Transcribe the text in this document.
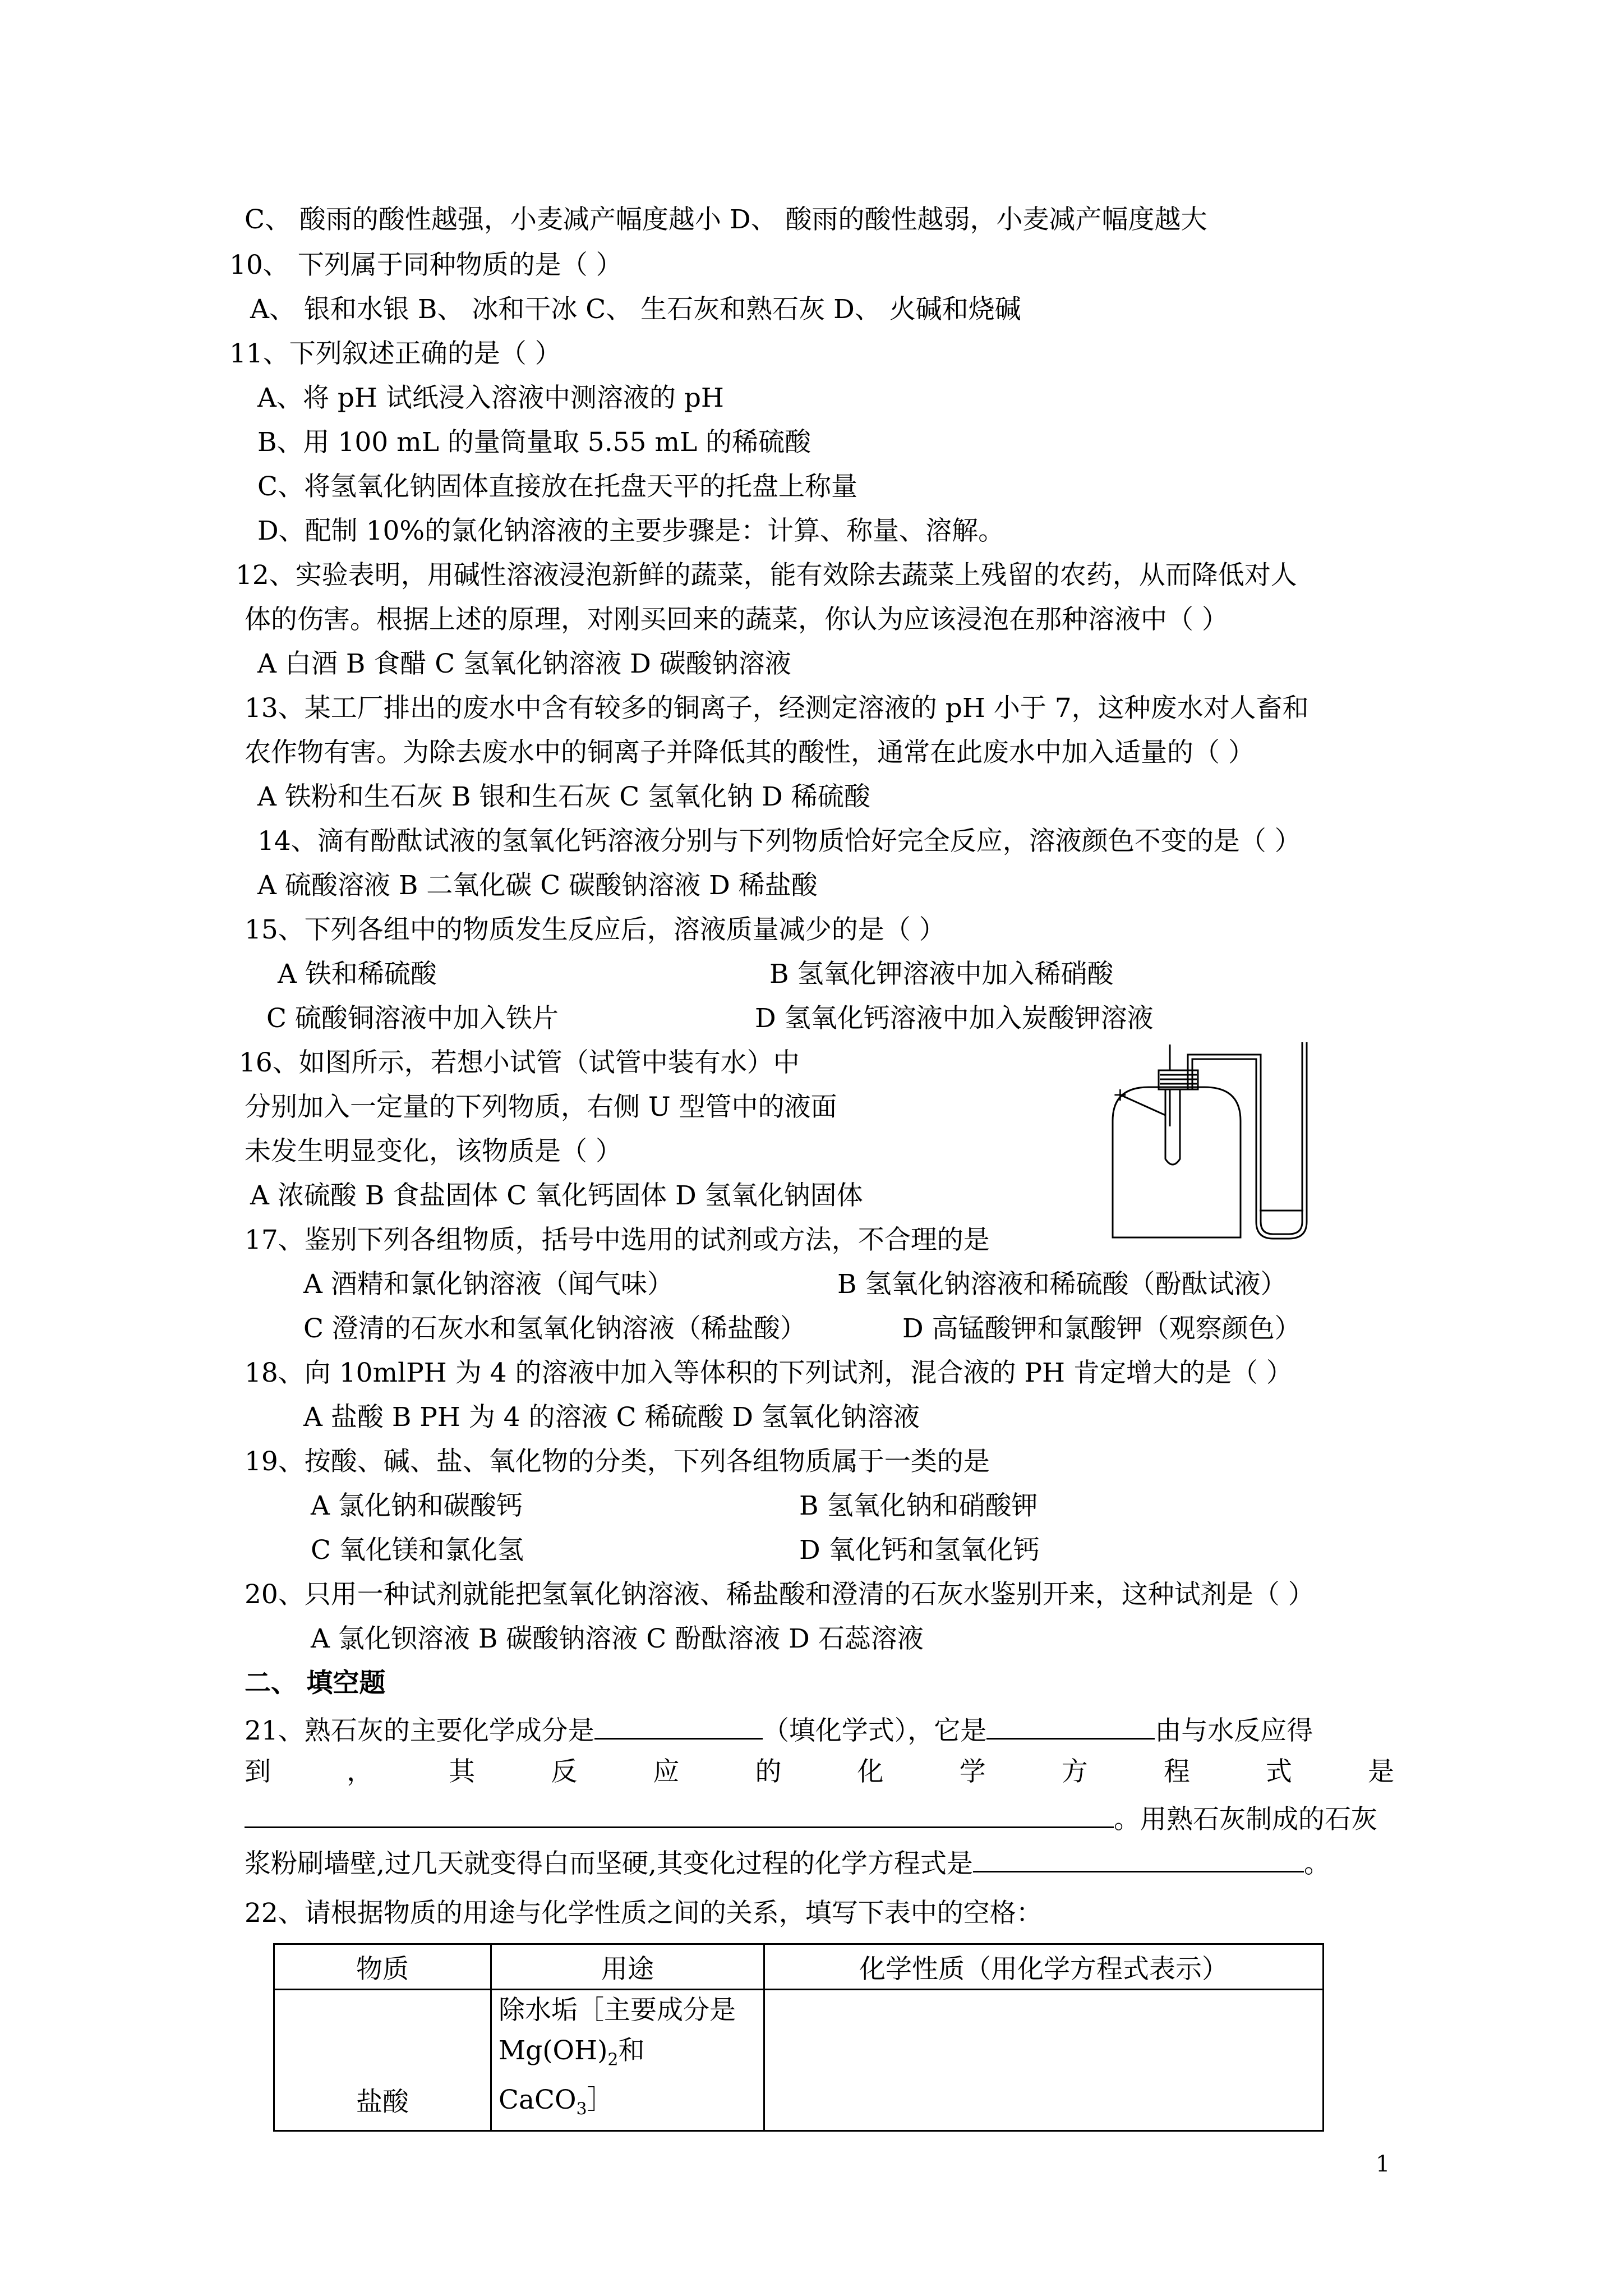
C、 酸雨的酸性越强，小麦减产幅度越小 D、 酸雨的酸性越弱，小麦减产幅度越大
10、 下列属于同种物质的是（ ）
A、 银和水银 B、 冰和干冰 C、 生石灰和熟石灰 D、 火碱和烧碱
11、下列叙述正确的是（ ）
A、将 pH 试纸浸入溶液中测溶液的 pH
B、用 100 mL 的量筒量取 5.55 mL 的稀硫酸
C、将氢氧化钠固体直接放在托盘天平的托盘上称量
D、配制 10%的氯化钠溶液的主要步骤是：计算、称量、溶解。
12、实验表明，用碱性溶液浸泡新鲜的蔬菜，能有效除去蔬菜上残留的农药，从而降低对人
体的伤害。根据上述的原理，对刚买回来的蔬菜，你认为应该浸泡在那种溶液中（ ）
A 白酒 B 食醋 C 氢氧化钠溶液 D 碳酸钠溶液
13、某工厂排出的废水中含有较多的铜离子，经测定溶液的 pH 小于 7，这种废水对人畜和
农作物有害。为除去废水中的铜离子并降低其的酸性，通常在此废水中加入适量的（ ）
A 铁粉和生石灰 B 银和生石灰 C 氢氧化钠 D 稀硫酸
14、滴有酚酞试液的氢氧化钙溶液分别与下列物质恰好完全反应，溶液颜色不变的是（ ）
A 硫酸溶液 B 二氧化碳 C 碳酸钠溶液 D 稀盐酸
15、下列各组中的物质发生反应后，溶液质量减少的是（ ）
A 铁和稀硫酸	B 氢氧化钾溶液中加入稀硝酸
C 硫酸铜溶液中加入铁片	D 氢氧化钙溶液中加入炭酸钾溶液
16、如图所示，若想小试管（试管中装有水）中
分别加入一定量的下列物质，右侧 U 型管中的液面
未发生明显变化，该物质是（ ）
A 浓硫酸 B 食盐固体 C 氧化钙固体 D 氢氧化钠固体
+
17、鉴别下列各组物质，括号中选用的试剂或方法，不合理的是
A 酒精和氯化钠溶液（闻气味）	B 氢氧化钠溶液和稀硫酸（酚酞试液）
C 澄清的石灰水和氢氧化钠溶液（稀盐酸）	D 高锰酸钾和氯酸钾（观察颜色）
18、向 10mlPH 为 4 的溶液中加入等体积的下列试剂，混合液的 PH 肯定增大的是（ ）
A 盐酸 B PH 为 4 的溶液 C 稀硫酸 D 氢氧化钠溶液
19、按酸、碱、盐、氧化物的分类，下列各组物质属于一类的是
A 氯化钠和碳酸钙	B 氢氧化钠和硝酸钾
C 氧化镁和氯化氢	D 氧化钙和氢氧化钙
20、只用一种试剂就能把氢氧化钠溶液、稀盐酸和澄清的石灰水鉴别开来，这种试剂是（ ）
A 氯化钡溶液 B 碳酸钠溶液 C 酚酞溶液 D 石蕊溶液
二、 填空题
21、熟石灰的主要化学成分是	（填化学式），它是	由与水反应得
到 ， 其 反 应 的 化 学 方 程 式 是
。用熟石灰制成的石灰
浆粉刷墙壁,过几天就变得白而坚硬,其变化过程的化学方程式是	。
22、请根据物质的用途与化学性质之间的关系，填写下表中的空格：
物质	用途	化学性质（用化学方程式表示）
盐酸	除水垢［主要成分是
$Mg(OH)_2$和 CaCO$_3$］	

1
